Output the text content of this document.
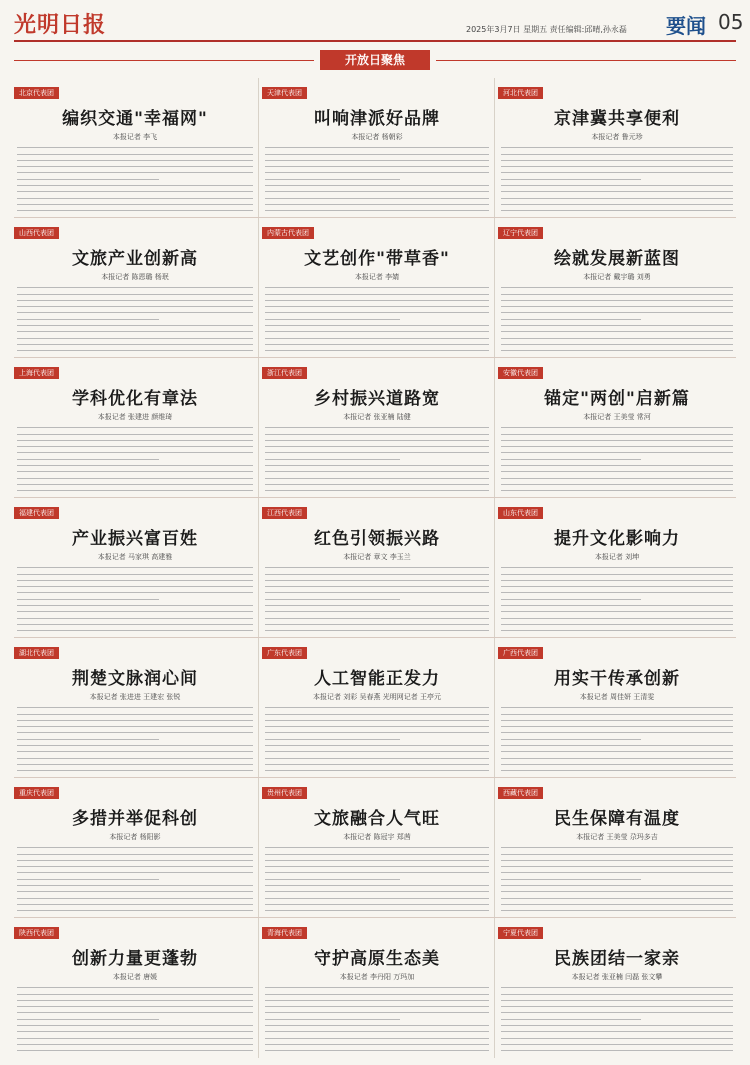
光明日报	2025年3月7日 星期五 责任编辑:邱晴,孙永磊 要闻 05
开放日聚焦
北京代表团
编织交通"幸福网"
本报记者 李飞
天津代表团
叫响津派好品牌
本报记者 杨朝彩
河北代表团
京津冀共享便利
本报记者 鲁元珍
山西代表团
文旅产业创新高
本报记者 陈恩璐 杨珉
内蒙古代表团
文艺创作"带草香"
本报记者 李婧
辽宁代表团
绘就发展新蓝图
本报记者 戴宇璐 刘勇
上海代表团
学科优化有章法
本报记者 张建进 颜维琦
浙江代表团
乡村振兴道路宽
本报记者 张亚楠 陆健
安徽代表团
锚定"两创"启新篇
本报记者 王美莹 常河
福建代表团
产业振兴富百姓
本报记者 马家琪 高建雅
江西代表团
红色引领振兴路
本报记者 章文 李玉兰
山东代表团
提升文化影响力
本报记者 刘坤
湖北代表团
荆楚文脉润心间
本报记者 张进进 王建宏 张锐
广东代表团
人工智能正发力
本报记者 刘彩 吴春燕 光明网记者 王亭元
广西代表团
用实干传承创新
本报记者 周佳妍 王清雯
重庆代表团
多措并举促科创
本报记者 杨阳影
贵州代表团
文旅融合人气旺
本报记者 陈冠宇 郑茜
西藏代表团
民生保障有温度
本报记者 王美莹 尕玛多吉
陕西代表团
创新力量更蓬勃
本报记者 唐媛
青海代表团
守护高原生态美
本报记者 李丹阳 万玛加
宁夏代表团
民族团结一家亲
本报记者 张亚楠 闫磊 张文攀
